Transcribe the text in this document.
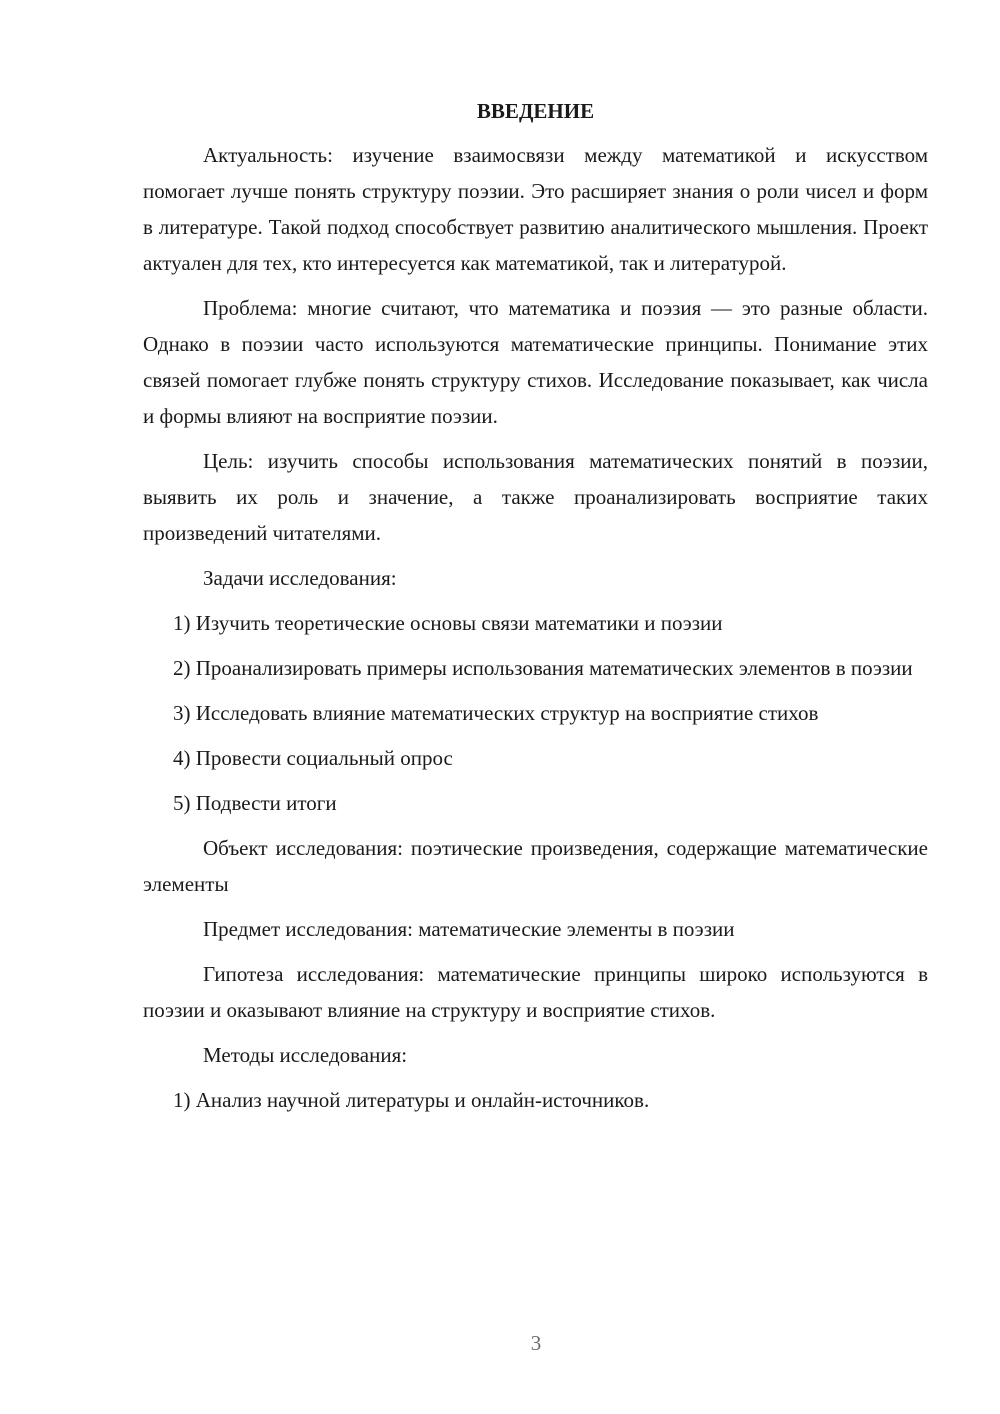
ВВЕДЕНИЕ

Актуальность: изучение взаимосвязи между математикой и искусством помогает лучше понять структуру поэзии. Это расширяет знания о роли чисел и форм в литературе. Такой подход способствует развитию аналитического мышления. Проект актуален для тех, кто интересуется как математикой, так и литературой.

Проблема: многие считают, что математика и поэзия — это разные области. Однако в поэзии часто используются математические принципы. Понимание этих связей помогает глубже понять структуру стихов. Исследование показывает, как числа и формы влияют на восприятие поэзии.

Цель: изучить способы использования математических понятий в поэзии, выявить их роль и значение, а также проанализировать восприятие таких произведений читателями.

Задачи исследования:

1) Изучить теоретические основы связи математики и поэзии

2) Проанализировать примеры использования математических элементов в поэзии

3) Исследовать влияние математических структур на восприятие стихов

4) Провести социальный опрос

5) Подвести итоги

Объект исследования: поэтические произведения, содержащие математические элементы

Предмет исследования: математические элементы в поэзии

Гипотеза исследования: математические принципы широко используются в поэзии и оказывают влияние на структуру и восприятие стихов.

Методы исследования:

1) Анализ научной литературы и онлайн-источников.

3
